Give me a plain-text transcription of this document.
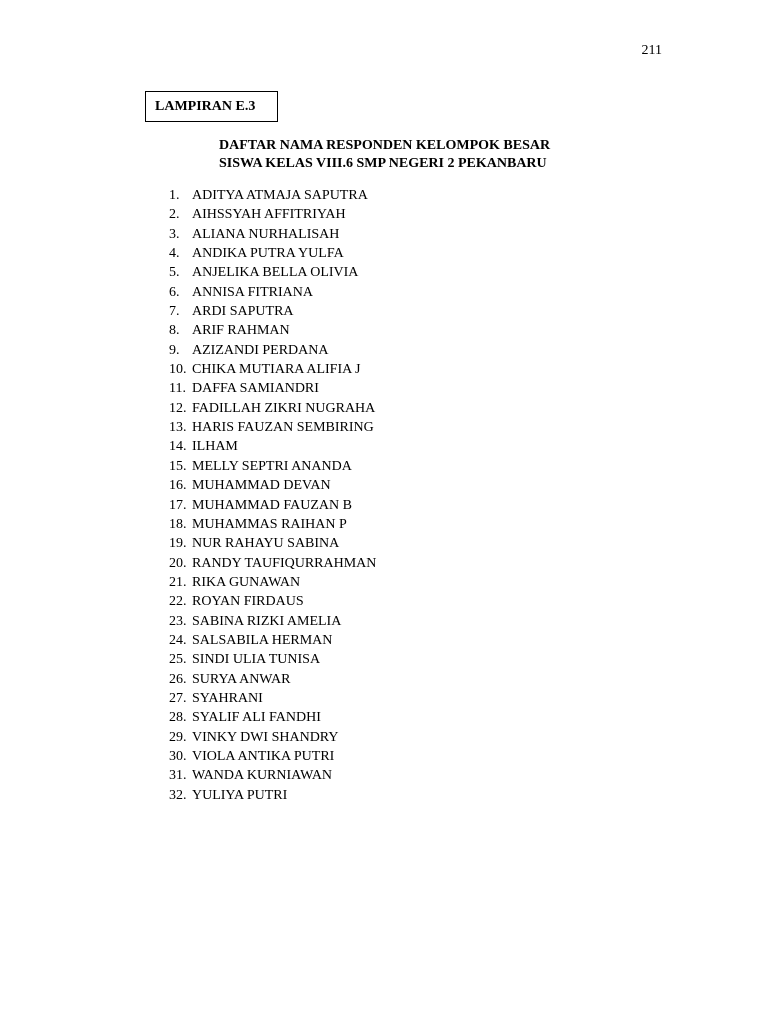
211
LAMPIRAN E.3
DAFTAR NAMA RESPONDEN KELOMPOK BESAR
SISWA KELAS VIII.6 SMP NEGERI 2 PEKANBARU
1. ADITYA ATMAJA SAPUTRA
2. AIHSSYAH AFFITRIYAH
3. ALIANA NURHALISAH
4. ANDIKA PUTRA YULFA
5. ANJELIKA BELLA OLIVIA
6. ANNISA FITRIANA
7. ARDI SAPUTRA
8. ARIF RAHMAN
9. AZIZANDI PERDANA
10. CHIKA MUTIARA ALIFIA J
11. DAFFA SAMIANDRI
12. FADILLAH ZIKRI NUGRAHA
13. HARIS FAUZAN SEMBIRING
14. ILHAM
15. MELLY SEPTRI ANANDA
16. MUHAMMAD DEVAN
17. MUHAMMAD FAUZAN B
18. MUHAMMAS RAIHAN P
19. NUR RAHAYU SABINA
20. RANDY TAUFIQURRAHMAN
21. RIKA GUNAWAN
22. ROYAN FIRDAUS
23. SABINA RIZKI AMELIA
24. SALSABILA HERMAN
25. SINDI ULIA TUNISA
26. SURYA ANWAR
27. SYAHRANI
28. SYALIF ALI FANDHI
29. VINKY DWI SHANDRY
30. VIOLA ANTIKA PUTRI
31. WANDA KURNIAWAN
32. YULIYA PUTRI
